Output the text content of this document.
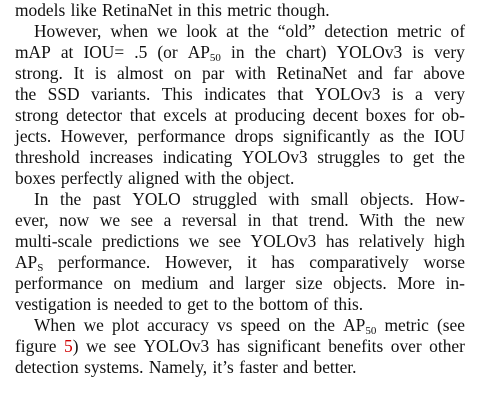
models like RetinaNet in this metric though.
However, when we look at the “old” detection metric of
mAP at IOU= .5 (or $AP_{50}$ in the chart) YOLOv3 is very
strong. It is almost on par with RetinaNet and far above
the SSD variants. This indicates that YOLOv3 is a very
strong detector that excels at producing decent boxes for ob-
jects. However, performance drops significantly as the IOU
threshold increases indicating YOLOv3 struggles to get the
boxes perfectly aligned with the object.
In the past YOLO struggled with small objects. How-
ever, now we see a reversal in that trend. With the new
multi-scale predictions we see YOLOv3 has relatively high
$AP_S$ performance. However, it has comparatively worse
performance on medium and larger size objects. More in-
vestigation is needed to get to the bottom of this.
When we plot accuracy vs speed on the $AP_{50}$ metric (see
figure 5) we see YOLOv3 has significant benefits over other
detection systems. Namely, it’s faster and better.
